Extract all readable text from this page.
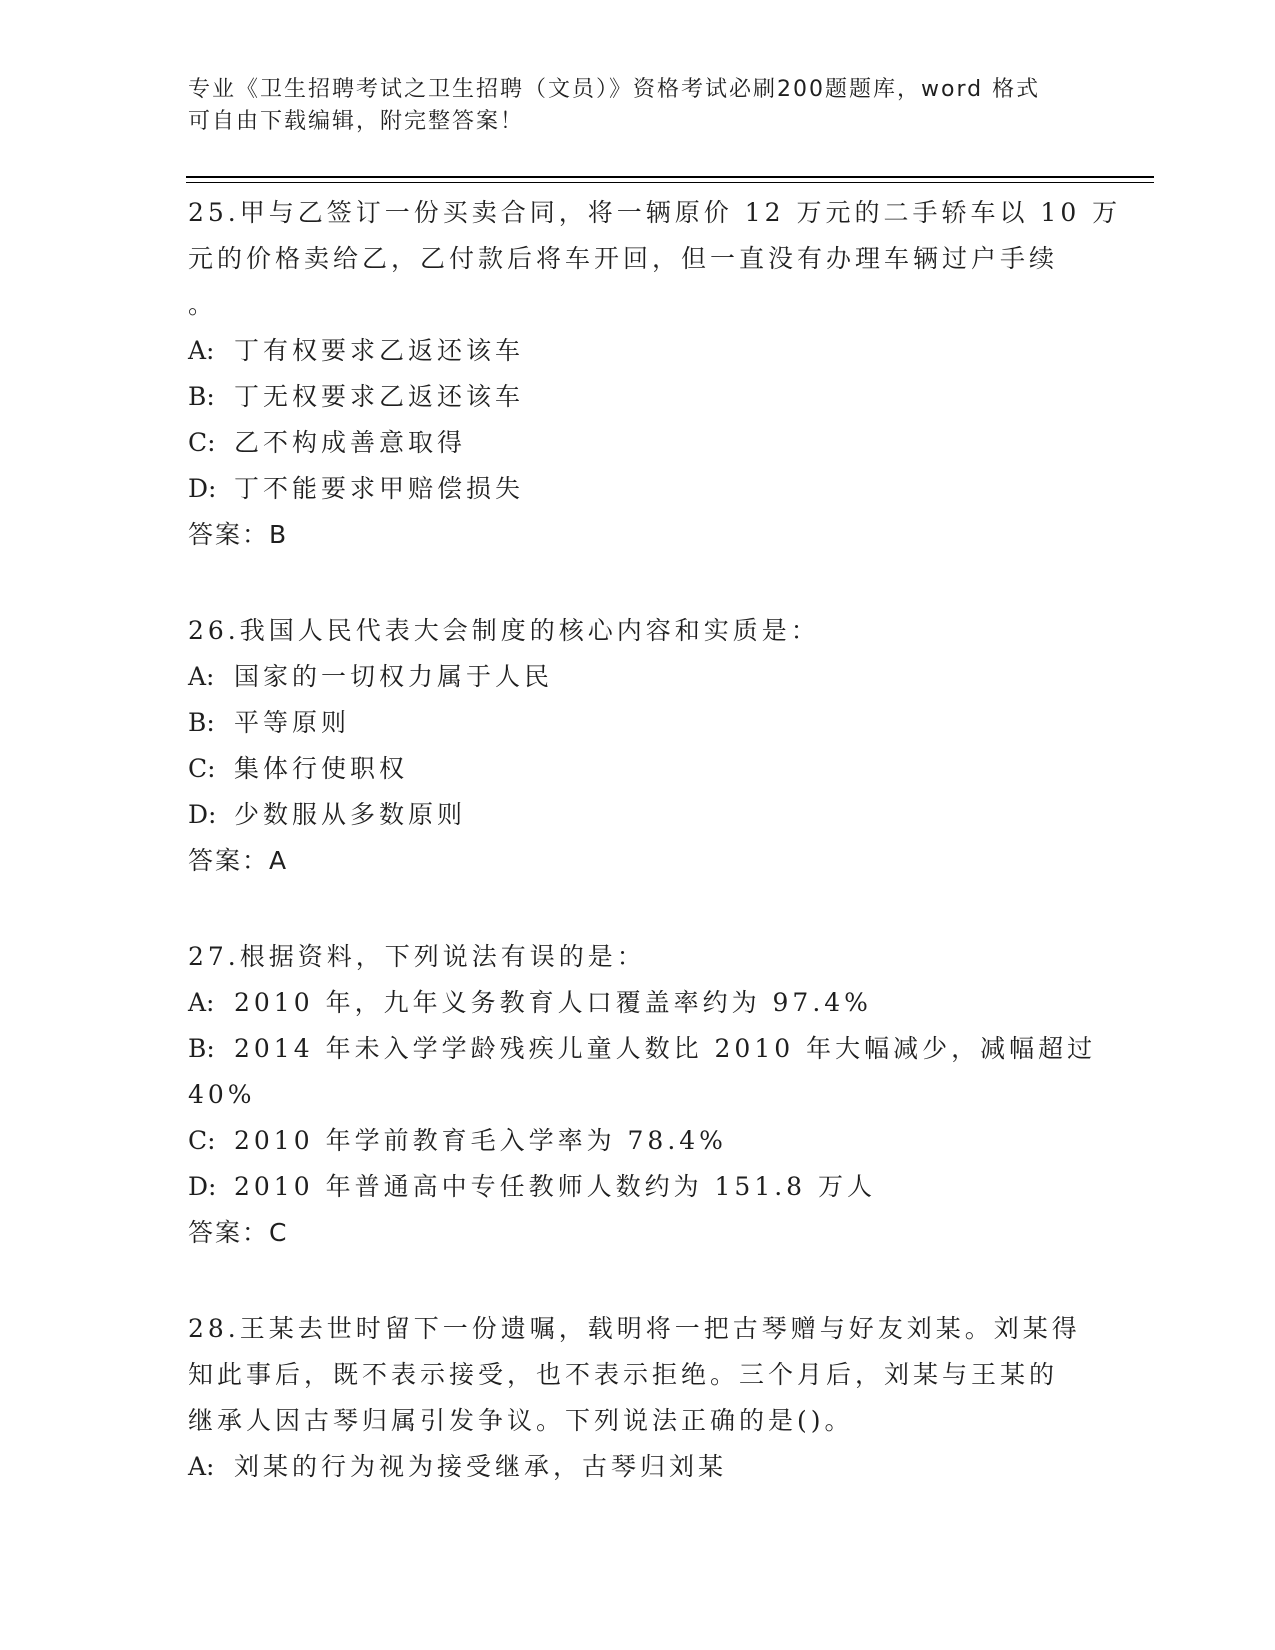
专业《卫生招聘考试之卫生招聘（文员）》资格考试必刷200题题库，word 格式
可自由下载编辑，附完整答案！
25.甲与乙签订一份买卖合同，将一辆原价 12 万元的二手轿车以 10 万
元的价格卖给乙，乙付款后将车开回，但一直没有办理车辆过户手续
。
A: 丁有权要求乙返还该车
B: 丁无权要求乙返还该车
C: 乙不构成善意取得
D: 丁不能要求甲赔偿损失
答案：B
26.我国人民代表大会制度的核心内容和实质是：
A: 国家的一切权力属于人民
B: 平等原则
C: 集体行使职权
D: 少数服从多数原则
答案：A
27.根据资料，下列说法有误的是：
A: 2010 年，九年义务教育人口覆盖率约为 97.4%
B: 2014 年未入学学龄残疾儿童人数比 2010 年大幅减少，减幅超过
40%
C: 2010 年学前教育毛入学率为 78.4%
D: 2010 年普通高中专任教师人数约为 151.8 万人
答案：C
28.王某去世时留下一份遗嘱，载明将一把古琴赠与好友刘某。刘某得
知此事后，既不表示接受，也不表示拒绝。三个月后，刘某与王某的
继承人因古琴归属引发争议。下列说法正确的是()。
A: 刘某的行为视为接受继承，古琴归刘某
